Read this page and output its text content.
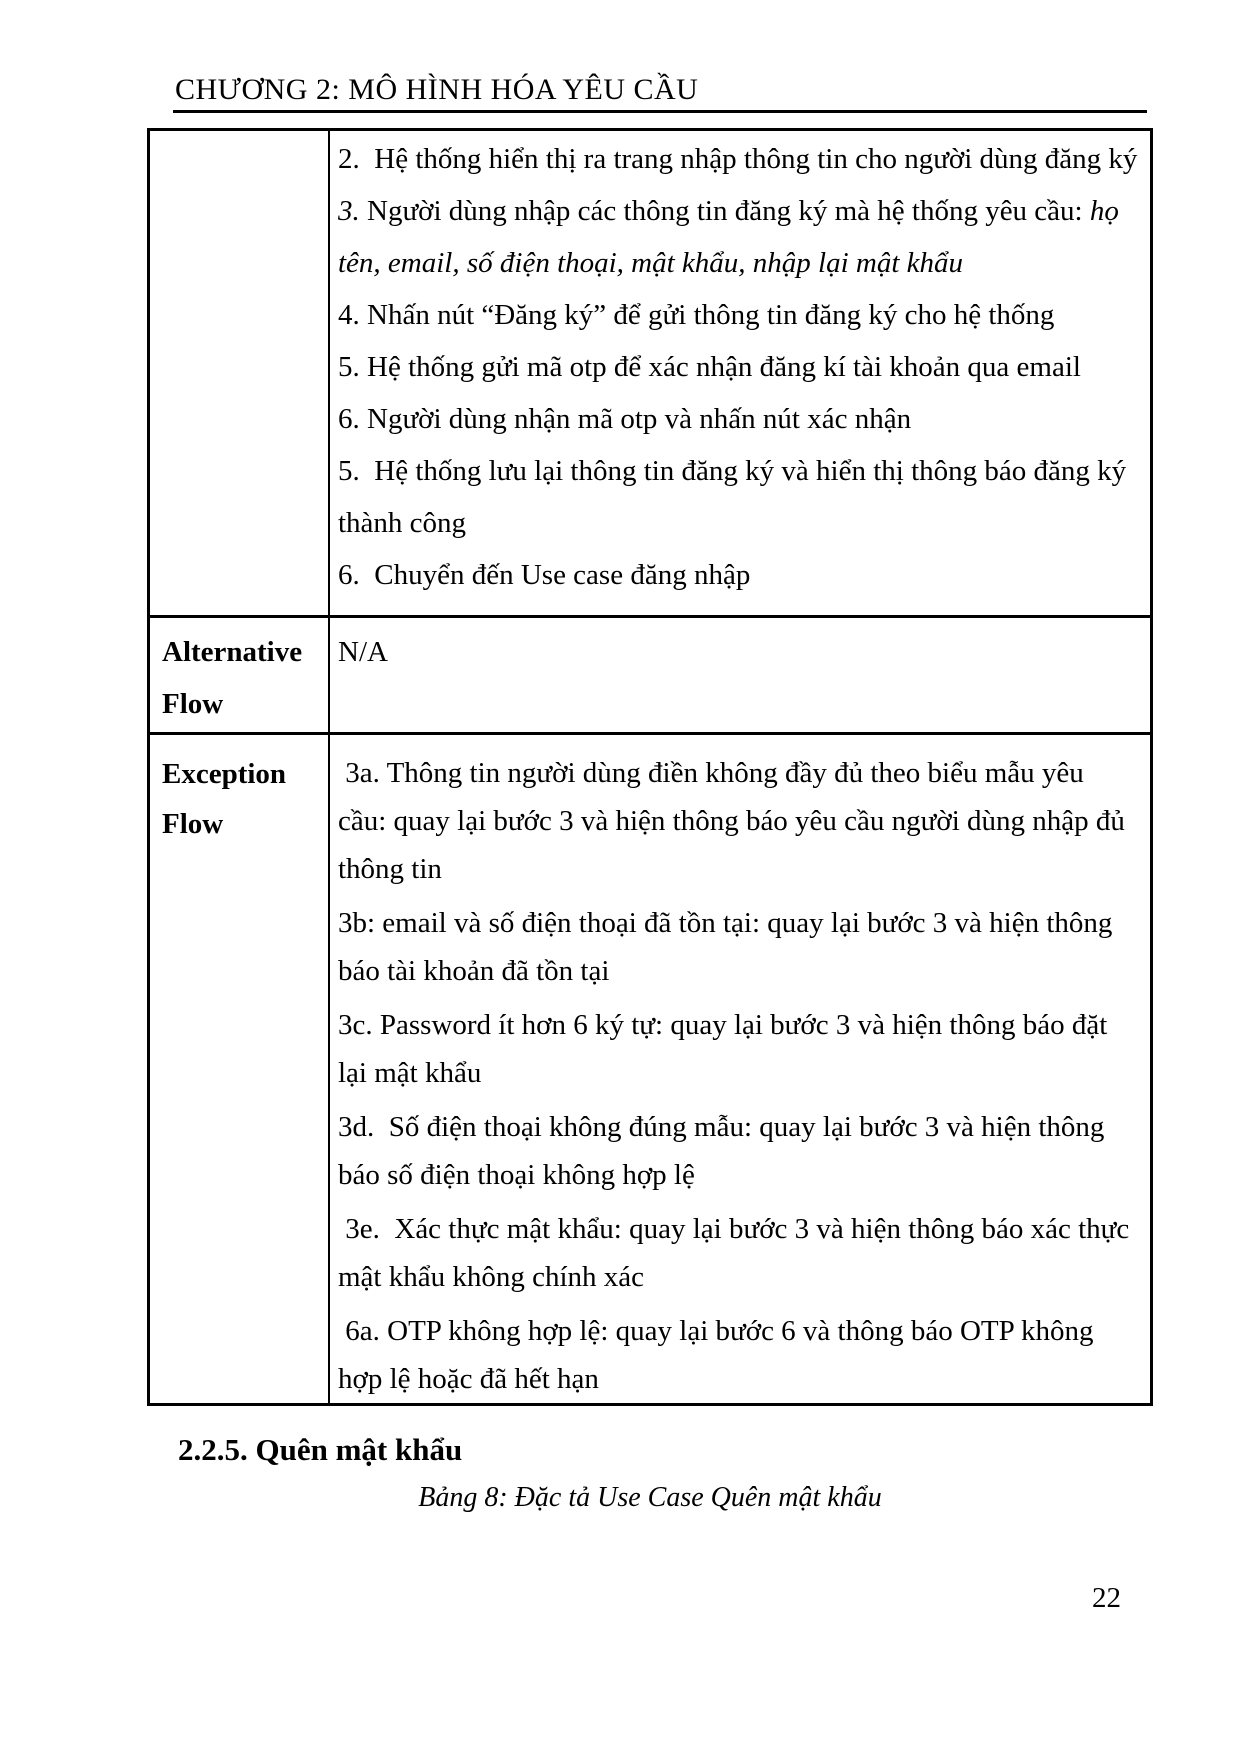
CHƯƠNG 2: MÔ HÌNH HÓA YÊU CẦU

2.  Hệ thống hiển thị ra trang nhập thông tin cho người dùng đăng ký

3. Người dùng nhập các thông tin đăng ký mà hệ thống yêu cầu: họ tên, email, số điện thoại, mật khẩu, nhập lại mật khẩu

4. Nhấn nút “Đăng ký” để gửi thông tin đăng ký cho hệ thống

5. Hệ thống gửi mã otp để xác nhận đăng kí tài khoản qua email

6. Người dùng nhận mã otp và nhấn nút xác nhận

5.  Hệ thống lưu lại thông tin đăng ký và hiển thị thông báo đăng ký thành công

6.  Chuyển đến Use case đăng nhập

Alternative Flow

N/A

Exception Flow

3a. Thông tin người dùng điền không đầy đủ theo biểu mẫu yêu cầu: quay lại bước 3 và hiện thông báo yêu cầu người dùng nhập đủ thông tin

3b: email và số điện thoại đã tồn tại: quay lại bước 3 và hiện thông báo tài khoản đã tồn tại

3c. Password ít hơn 6 ký tự: quay lại bước 3 và hiện thông báo đặt lại mật khẩu

3d.  Số điện thoại không đúng mẫu: quay lại bước 3 và hiện thông báo số điện thoại không hợp lệ

3e.  Xác thực mật khẩu: quay lại bước 3 và hiện thông báo xác thực mật khẩu không chính xác

6a. OTP không hợp lệ: quay lại bước 6 và thông báo OTP không hợp lệ hoặc đã hết hạn

2.2.5. Quên mật khẩu
Bảng 8: Đặc tả Use Case Quên mật khẩu
22
